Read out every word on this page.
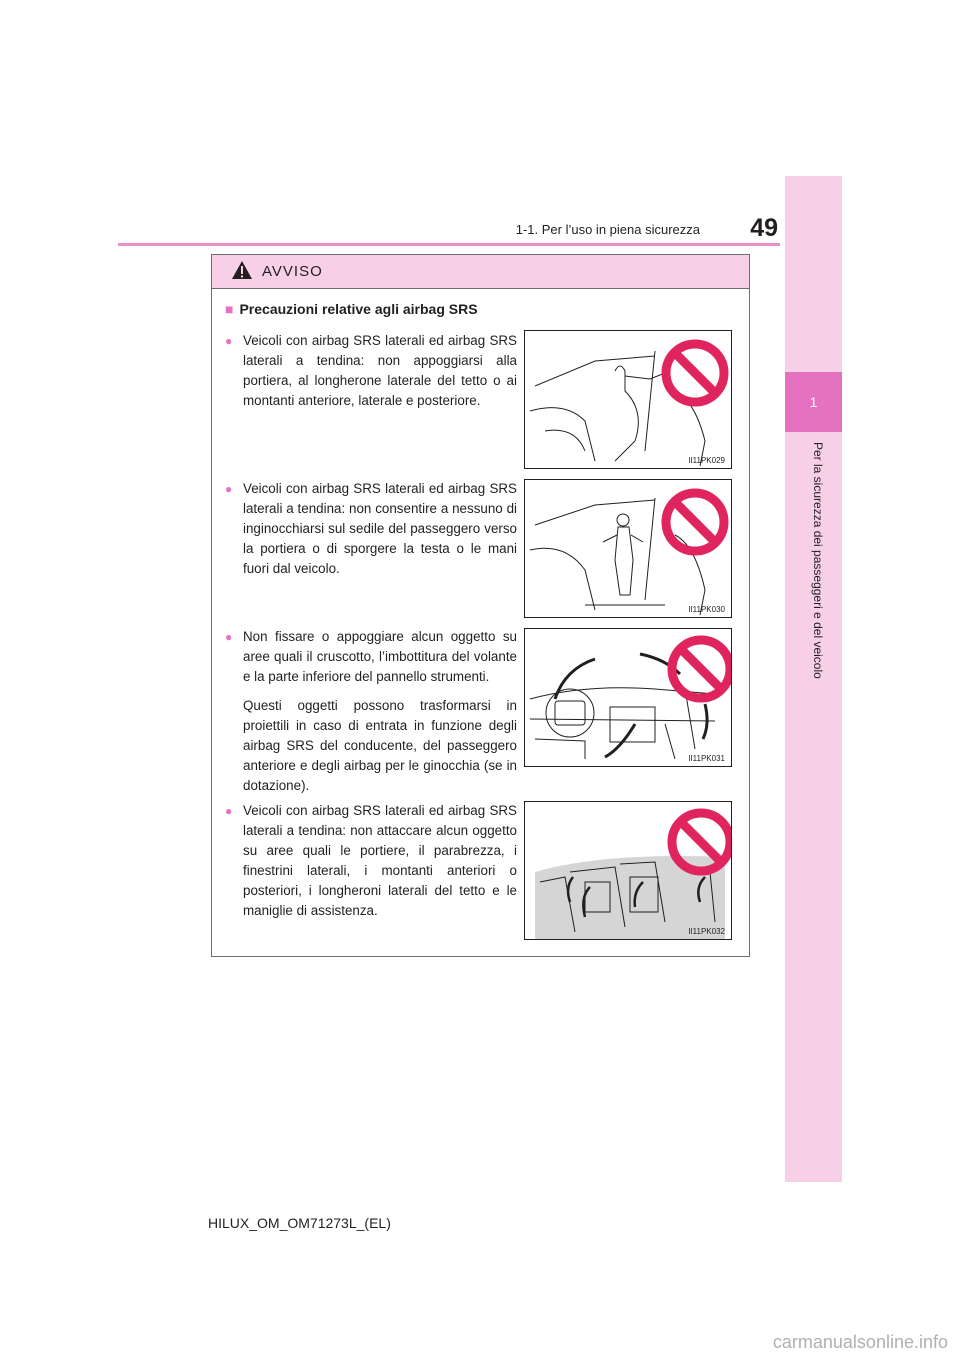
1-1. Per l’uso in piena sicurezza	49
1
Per la sicurezza dei passeggeri e del veicolo
AVVISO
■ Precauzioni relative agli airbag SRS
● Veicoli con airbag SRS laterali ed airbag SRS laterali a tendina: non appoggiarsi alla portiera, al longherone laterale del tetto o ai montanti anteriore, laterale e posteriore.

● Veicoli con airbag SRS laterali ed airbag SRS laterali a tendina: non consentire a nessuno di inginocchiarsi sul sedile del passeggero verso la portiera o di sporgere la testa o le mani fuori dal veicolo.

● Non fissare o appoggiare alcun oggetto su aree quali il cruscotto, l’imbottitura del volante e la parte inferiore del pannello strumenti.

Questi oggetti possono trasformarsi in proiettili in caso di entrata in funzione degli airbag SRS del conducente, del passeggero anteriore e degli airbag per le ginocchia (se in dotazione).

● Veicoli con airbag SRS laterali ed airbag SRS laterali a tendina: non attaccare alcun oggetto su aree quali le portiere, il parabrezza, i finestrini laterali, i montanti anteriori o posteriori, i longheroni laterali del tetto e le maniglie di assistenza.

II11PK029
II11PK030
II11PK031
II11PK032
HILUX_OM_OM71273L_(EL)
carmanualsonline.info
